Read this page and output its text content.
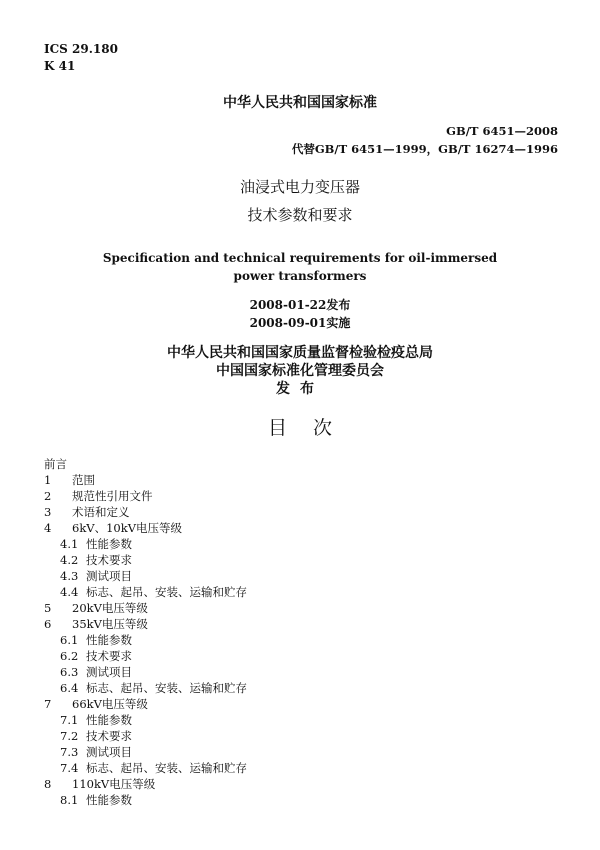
ICS 29.180
K 41
中华人民共和国国家标准
GB/T 6451—2008
代替GB/T 6451—1999，GB/T 16274—1996
油浸式电力变压器
技术参数和要求
Specification and technical requirements for oil-immersed
power transformers
2008-01-22发布
2008-09-01实施
中华人民共和国国家质量监督检验检疫总局
中国国家标准化管理委员会
发布
目次
前言
1 范围
2 规范性引用文件
3 术语和定义
4 6kV、10kV电压等级
4.1 性能参数
4.2 技术要求
4.3 测试项目
4.4 标志、起吊、安装、运输和贮存
5 20kV电压等级
6 35kV电压等级
6.1 性能参数
6.2 技术要求
6.3 测试项目
6.4 标志、起吊、安装、运输和贮存
7 66kV电压等级
7.1 性能参数
7.2 技术要求
7.3 测试项目
7.4 标志、起吊、安装、运输和贮存
8 110kV电压等级
8.1 性能参数
